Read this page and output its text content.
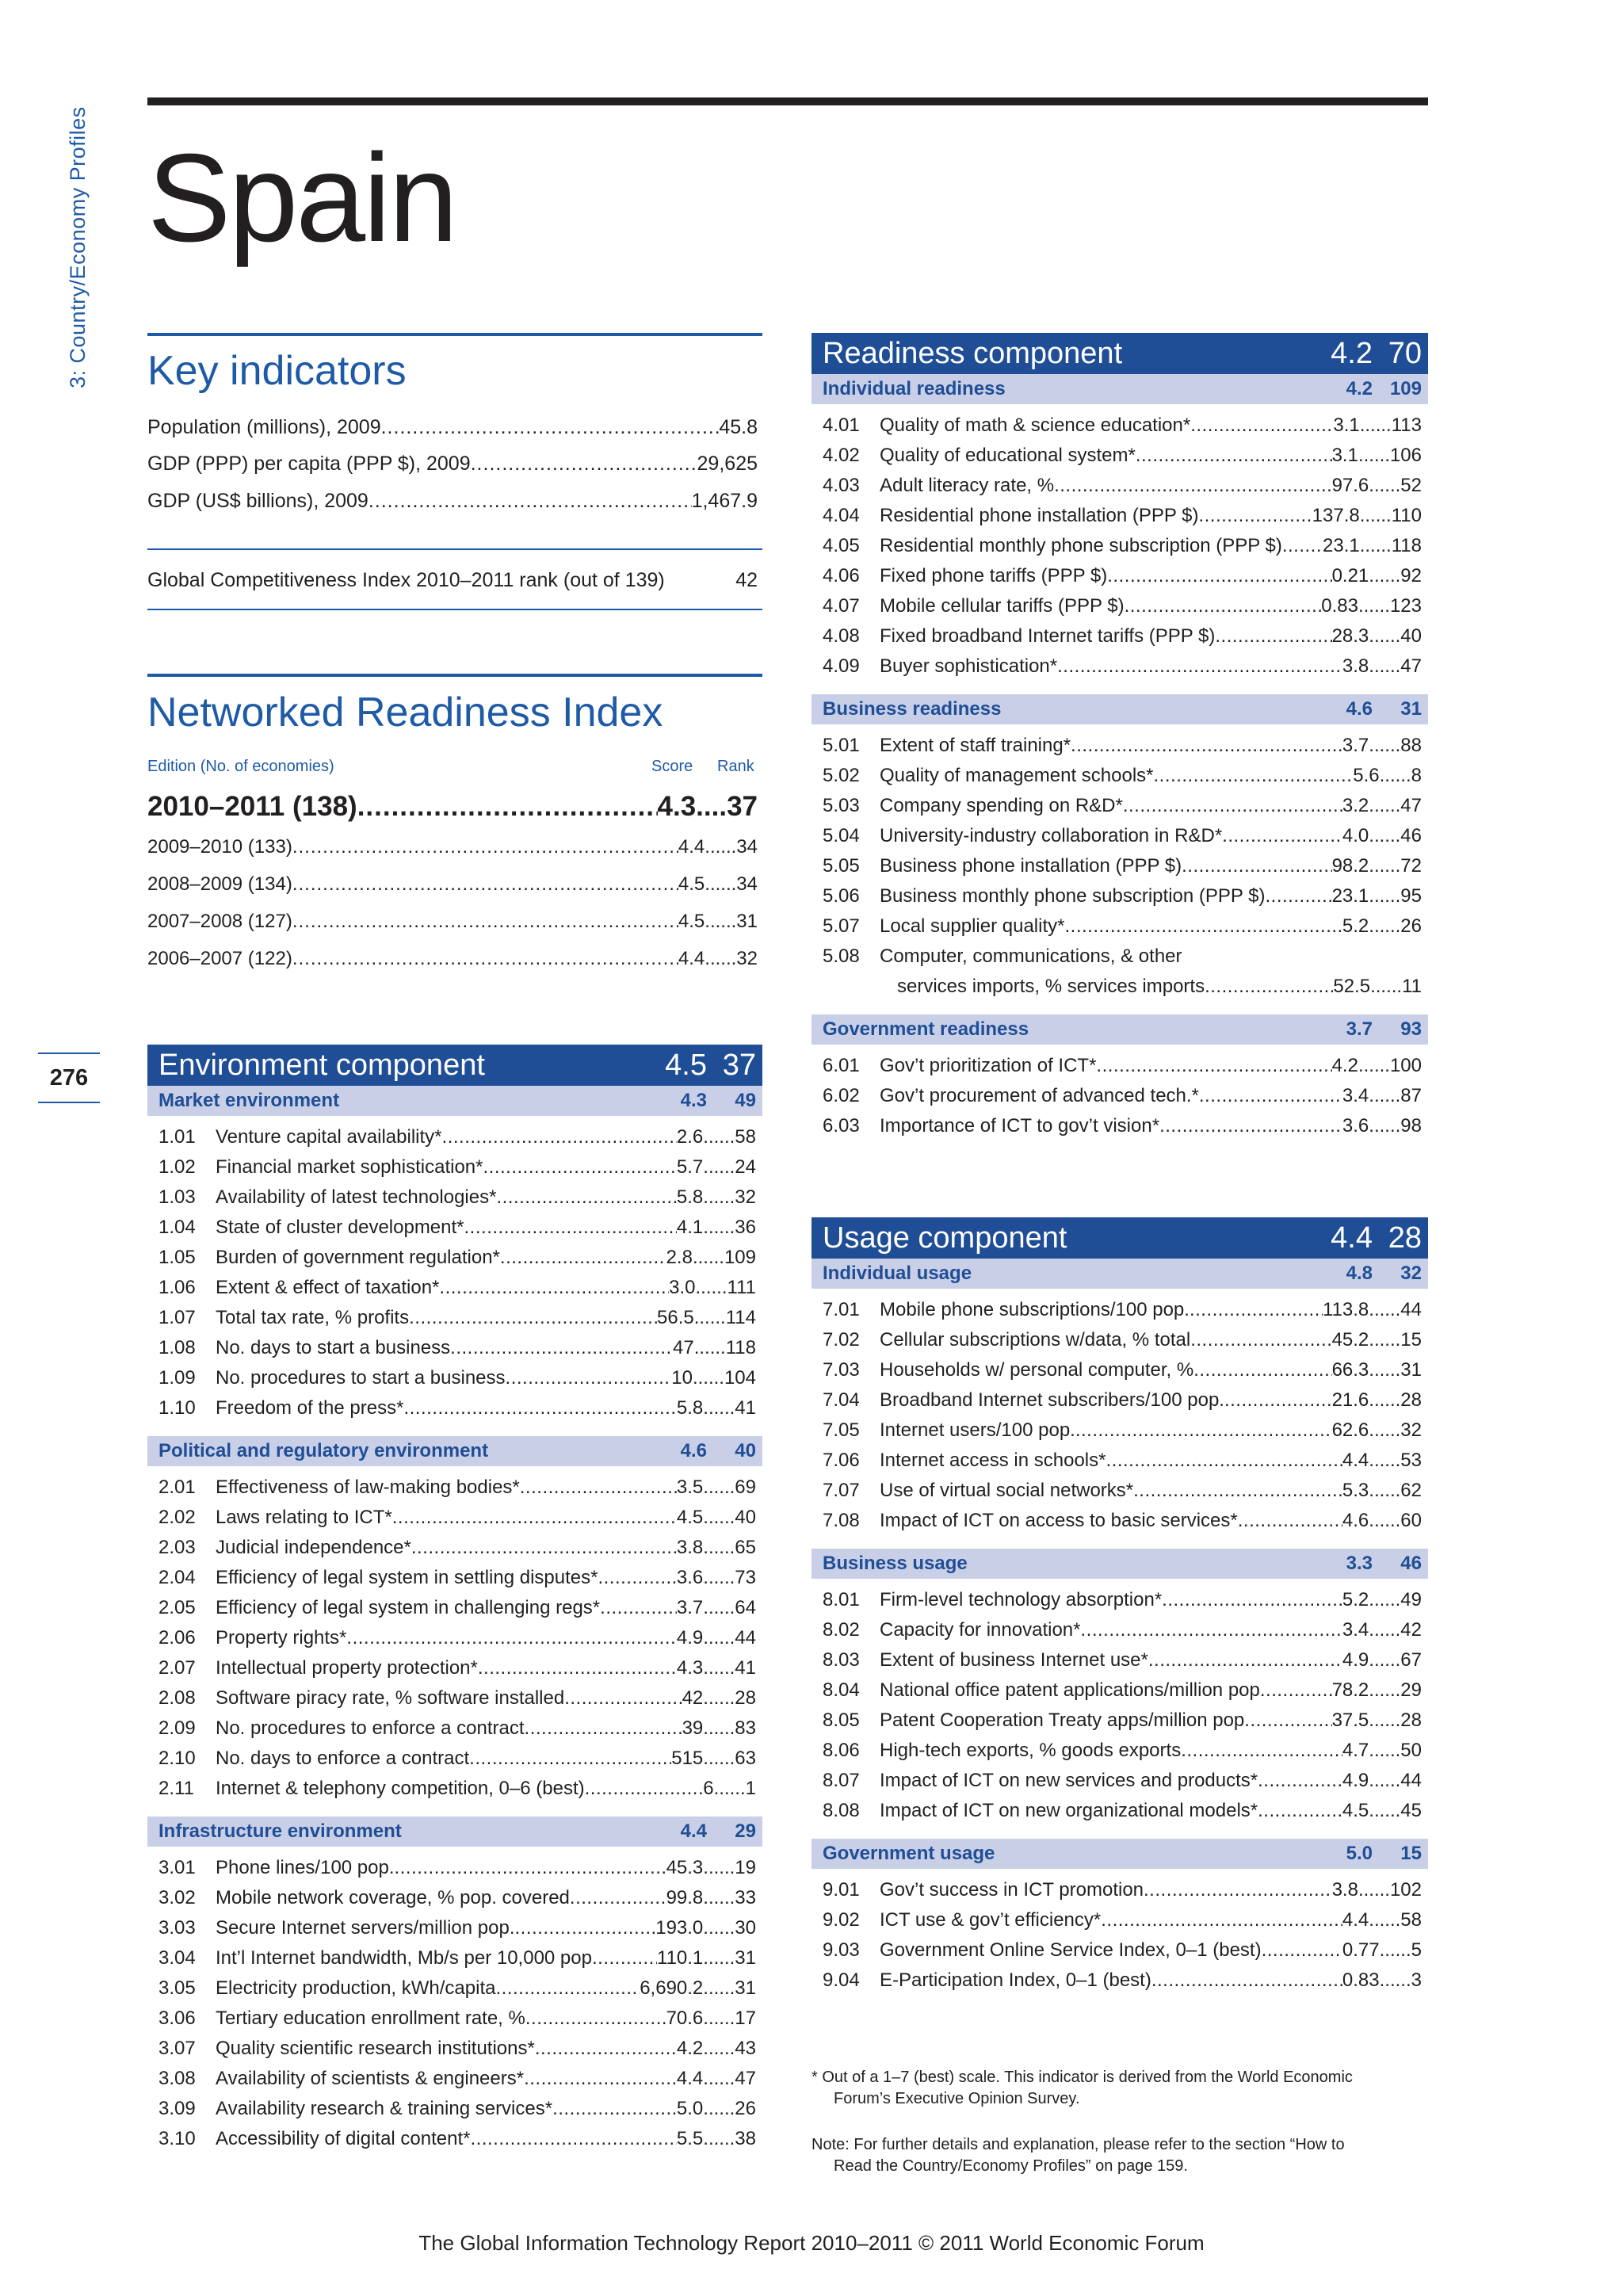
3: Country/Economy Profiles
276
Spain
Key indicators
Population (millions), 2009 .....	45.8
GDP (PPP) per capita (PPP $), 2009 .....	29,625
GDP (US$ billions), 2009 .....	1,467.9
Global Competitiveness Index 2010–2011 rank (out of 139)	42
Networked Readiness Index
Edition (No. of economies)	Score Rank
2010–2011 (138) .....	4.3 .... 37
2009–2010 (133) .....	4.4 ...... 34
2008–2009 (134) .....	4.5 ...... 34
2007–2008 (127) .....	4.5 ...... 31
2006–2007 (122) .....	4.4 ...... 32
Environment component	4.5 37
Market environment	4.3	49
1.01	Venture capital availability* .....	2.6 ...... 58
1.02	Financial market sophistication* .....	5.7 ...... 24
1.03	Availability of latest technologies* .....	5.8 ...... 32
1.04	State of cluster development* .....	4.1 ...... 36
1.05	Burden of government regulation* .....	2.8 ...... 109
1.06	Extent & effect of taxation* .....	3.0 ...... 111
1.07	Total tax rate, % profits .....	56.5 ...... 114
1.08	No. days to start a business .....	47 ...... 118
1.09	No. procedures to start a business .....	10 ...... 104
1.10	Freedom of the press* .....	5.8 ...... 41
Political and regulatory environment	4.6	40
2.01	Effectiveness of law-making bodies* .....	3.5 ...... 69
2.02	Laws relating to ICT* .....	4.5 ...... 40
2.03	Judicial independence* .....	3.8 ...... 65
2.04	Efficiency of legal system in settling disputes* .....	3.6 ...... 73
2.05	Efficiency of legal system in challenging regs* .....	3.7 ...... 64
2.06	Property rights* .....	4.9 ...... 44
2.07	Intellectual property protection* .....	4.3 ...... 41
2.08	Software piracy rate, % software installed .....	42 ...... 28
2.09	No. procedures to enforce a contract .....	39 ...... 83
2.10	No. days to enforce a contract .....	515 ...... 63
2.11	Internet & telephony competition, 0–6 (best) .....	6 ...... 1
Infrastructure environment	4.4	29
3.01	Phone lines/100 pop. .....	45.3 ...... 19
3.02	Mobile network coverage, % pop. covered .....	99.8 ...... 33
3.03	Secure Internet servers/million pop. .....	193.0 ...... 30
3.04	Int’l Internet bandwidth, Mb/s per 10,000 pop .....	110.1 ...... 31
3.05	Electricity production, kWh/capita .....	6,690.2 ...... 31
3.06	Tertiary education enrollment rate, % .....	70.6 ...... 17
3.07	Quality scientific research institutions* .....	4.2 ...... 43
3.08	Availability of scientists & engineers* .....	4.4 ...... 47
3.09	Availability research & training services* .....	5.0 ...... 26
3.10	Accessibility of digital content* .....	5.5 ...... 38
Readiness component	4.2 70
Individual readiness	4.2 109
4.01	Quality of math & science education* .....	3.1 ...... 113
4.02	Quality of educational system* .....	3.1 ...... 106
4.03	Adult literacy rate, % .....	97.6 ...... 52
4.04	Residential phone installation (PPP $) .....	137.8 ...... 110
4.05	Residential monthly phone subscription (PPP $) ..... 23.1 ...... 118
4.06	Fixed phone tariffs (PPP $) .....	0.21 ...... 92
4.07	Mobile cellular tariffs (PPP $) .....	0.83 ...... 123
4.08	Fixed broadband Internet tariffs (PPP $) .....	28.3 ...... 40
4.09	Buyer sophistication* .....	3.8 ...... 47
Business readiness	4.6	31
5.01	Extent of staff training* .....	3.7 ...... 88
5.02	Quality of management schools* .....	5.6 ...... 8
5.03	Company spending on R&D* .....	3.2 ...... 47
5.04	University-industry collaboration in R&D* .....	4.0 ...... 46
5.05	Business phone installation (PPP $) .....	98.2 ...... 72
5.06	Business monthly phone subscription (PPP $) .....	23.1 ...... 95
5.07	Local supplier quality* .....	5.2 ...... 26
5.08	Computer, communications, & other
services imports, % services imports .....	52.5 ...... 11
Government readiness	3.7	93
6.01	Gov’t prioritization of ICT* .....	4.2 ...... 100
6.02	Gov’t procurement of advanced tech.* .....	3.4 ...... 87
6.03	Importance of ICT to gov’t vision* .....	3.6 ...... 98
Usage component	4.4 28
Individual usage	4.8	32
7.01	Mobile phone subscriptions/100 pop. .....	113.8 ...... 44
7.02	Cellular subscriptions w/data, % total .....	45.2 ...... 15
7.03	Households w/ personal computer, % .....	66.3 ...... 31
7.04	Broadband Internet subscribers/100 pop. .....	21.6 ...... 28
7.05	Internet users/100 pop. .....	62.6 ...... 32
7.06	Internet access in schools* .....	4.4 ...... 53
7.07	Use of virtual social networks* .....	5.3 ...... 62
7.08	Impact of ICT on access to basic services* .....	4.6 ...... 60
Business usage	3.3	46
8.01	Firm-level technology absorption* .....	5.2 ...... 49
8.02	Capacity for innovation* .....	3.4 ...... 42
8.03	Extent of business Internet use* .....	4.9 ...... 67
8.04	National office patent applications/million pop .....	78.2 ...... 29
8.05	Patent Cooperation Treaty apps/million pop .....	37.5 ...... 28
8.06	High-tech exports, % goods exports .....	4.7 ...... 50
8.07	Impact of ICT on new services and products* .....	4.9 ...... 44
8.08	Impact of ICT on new organizational models* .....	4.5 ...... 45
Government usage	5.0	15
9.01	Gov’t success in ICT promotion .....	3.8 ...... 102
9.02	ICT use & gov’t efficiency* .....	4.4 ...... 58
9.03	Government Online Service Index, 0–1 (best) .....	0.77 ...... 5
9.04	E-Participation Index, 0–1 (best) .....	0.83 ...... 3
* Out of a 1–7 (best) scale. This indicator is derived from the World Economic
Forum’s Executive Opinion Survey.
Note: For further details and explanation, please refer to the section “How to
Read the Country/Economy Profiles” on page 159.
The Global Information Technology Report 2010–2011 © 2011 World Economic Forum
